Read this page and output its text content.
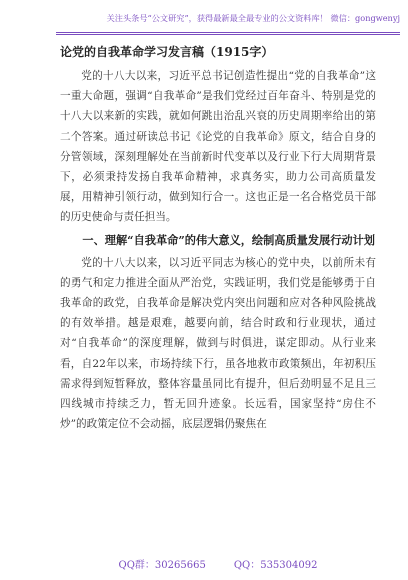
关注头条号“公文研究”，获得最新最全最专业的公文资料库！ 微信：gongwenyj
论党的自我革命学习发言稿（1915字）

党的十八大以来，习近平总书记创造性提出“党的自我革命”这一重大命题，强调“自我革命”是我们党经过百年奋斗、特别是党的十八大以来新的实践，就如何跳出治乱兴衰的历史周期率给出的第二个答案。通过研读总书记《论党的自我革命》原文，结合自身的分管领域，深刻理解处在当前新时代变革以及行业下行大周期背景下，必须秉持发扬自我革命精神，求真务实，助力公司高质量发展，用精神引领行动，做到知行合一。这也正是一名合格党员干部的历史使命与责任担当。

一、理解“自我革命”的伟大意义，绘制高质量发展行动计划

党的十八大以来，以习近平同志为核心的党中央，以前所未有的勇气和定力推进全面从严治党，实践证明，我们党是能够勇于自我革命的政党，自我革命是解决党内突出问题和应对各种风险挑战的有效举措。越是艰难，越要向前，结合时政和行业现状，通过对“自我革命”的深度理解，做到与时俱进，谋定即动。从行业来看，自22年以来，市场持续下行，虽各地救市政策频出，年初积压需求得到短暂释放，整体容量虽同比有提升，但后劲明显不足且三四线城市持续乏力，暂无回升迹象。长远看，国家坚持“房住不炒”的政策定位不会动摇，底层逻辑仍聚焦在

QQ群：30265665	QQ：535304092
